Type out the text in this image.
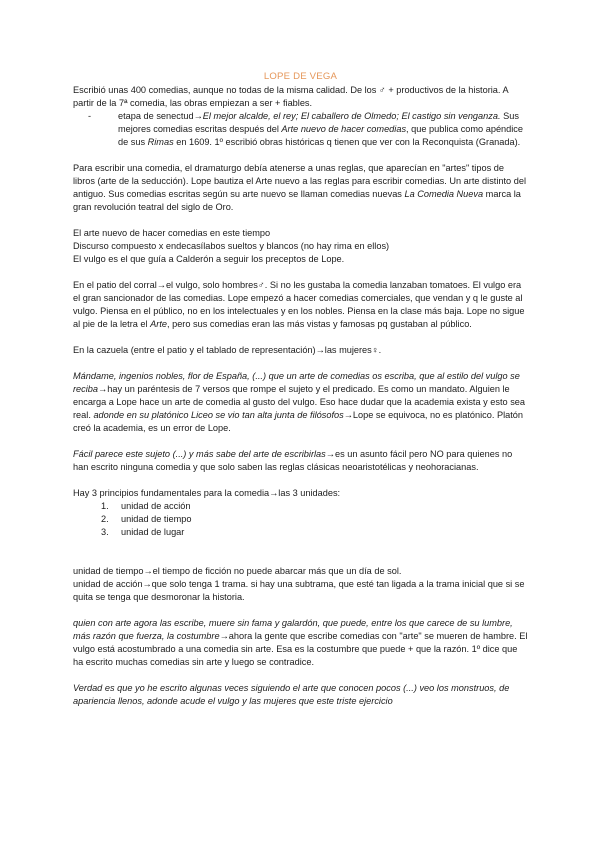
LOPE DE VEGA

Escribió unas 400 comedias, aunque no todas de la misma calidad. De los ♂ + productivos de la historia. A partir de la 7ª comedia, las obras empiezan a ser + fiables.

-	etapa de senectud→El mejor alcalde, el rey; El caballero de Olmedo; El castigo sin venganza. Sus mejores comedias escritas después del Arte nuevo de hacer comedias, que publica como apéndice de sus Rimas en 1609. 1º escribió obras históricas q tienen que ver con la Reconquista (Granada).

Para escribir una comedia, el dramaturgo debía atenerse a unas reglas, que aparecían en "artes" tipos de libros (arte de la seducción). Lope bautiza el Arte nuevo a las reglas para escribir comedias. Un arte distinto del antiguo. Sus comedias escritas según su arte nuevo se llaman comedias nuevas La Comedia Nueva marca la gran revolución teatral del siglo de Oro.

El arte nuevo de hacer comedias en este tiempo

Discurso compuesto x endecasílabos sueltos y blancos (no hay rima en ellos)

El vulgo es el que guía a Calderón a seguir los preceptos de Lope.

En el patio del corral→el vulgo, solo hombres♂. Si no les gustaba la comedia lanzaban tomatoes. El vulgo era el gran sancionador de las comedias. Lope empezó a hacer comedias comerciales, que vendan y q le guste al vulgo. Piensa en el público, no en los intelectuales y en los nobles. Piensa en la clase más baja. Lope no sigue al pie de la letra el Arte, pero sus comedias eran las más vistas y famosas pq gustaban al público.

En la cazuela (entre el patio y el tablado de representación)→las mujeres♀.

Mándame, ingenios nobles, flor de España, (...) que un arte de comedias os escriba, que al estilo del vulgo se reciba→hay un paréntesis de 7 versos que rompe el sujeto y el predicado. Es como un mandato. Alguien le encarga a Lope hace un arte de comedia al gusto del vulgo. Eso hace dudar que la academia exista y esto sea real. adonde en su platónico Liceo se vio tan alta junta de filósofos→Lope se equivoca, no es platónico. Platón creó la academia, es un error de Lope.

Fácil parece este sujeto (...) y más sabe del arte de escribirlas→es un asunto fácil pero NO para quienes no han escrito ninguna comedia y que solo saben las reglas clásicas neoaristotélicas y neohoracianas.

Hay 3 principios fundamentales para la comedia→las 3 unidades:

1.	unidad de acción
2.	unidad de tiempo
3.	unidad de lugar

unidad de tiempo→el tiempo de ficción no puede abarcar más que un día de sol.

unidad de acción→que solo tenga 1 trama. si hay una subtrama, que esté tan ligada a la trama inicial que si se quita se tenga que desmoronar la historia.

quien con arte agora las escribe, muere sin fama y galardón, que puede, entre los que carece de su lumbre, más razón que fuerza, la costumbre→ahora la gente que escribe comedias con "arte" se mueren de hambre. El vulgo está acostumbrado a una comedia sin arte. Esa es la costumbre que puede + que la razón. 1º dice que ha escrito muchas comedias sin arte y luego se contradice.

Verdad es que yo he escrito algunas veces siguiendo el arte que conocen pocos (...) veo los monstruos, de apariencia llenos, adonde acude el vulgo y las mujeres que este triste ejercicio
